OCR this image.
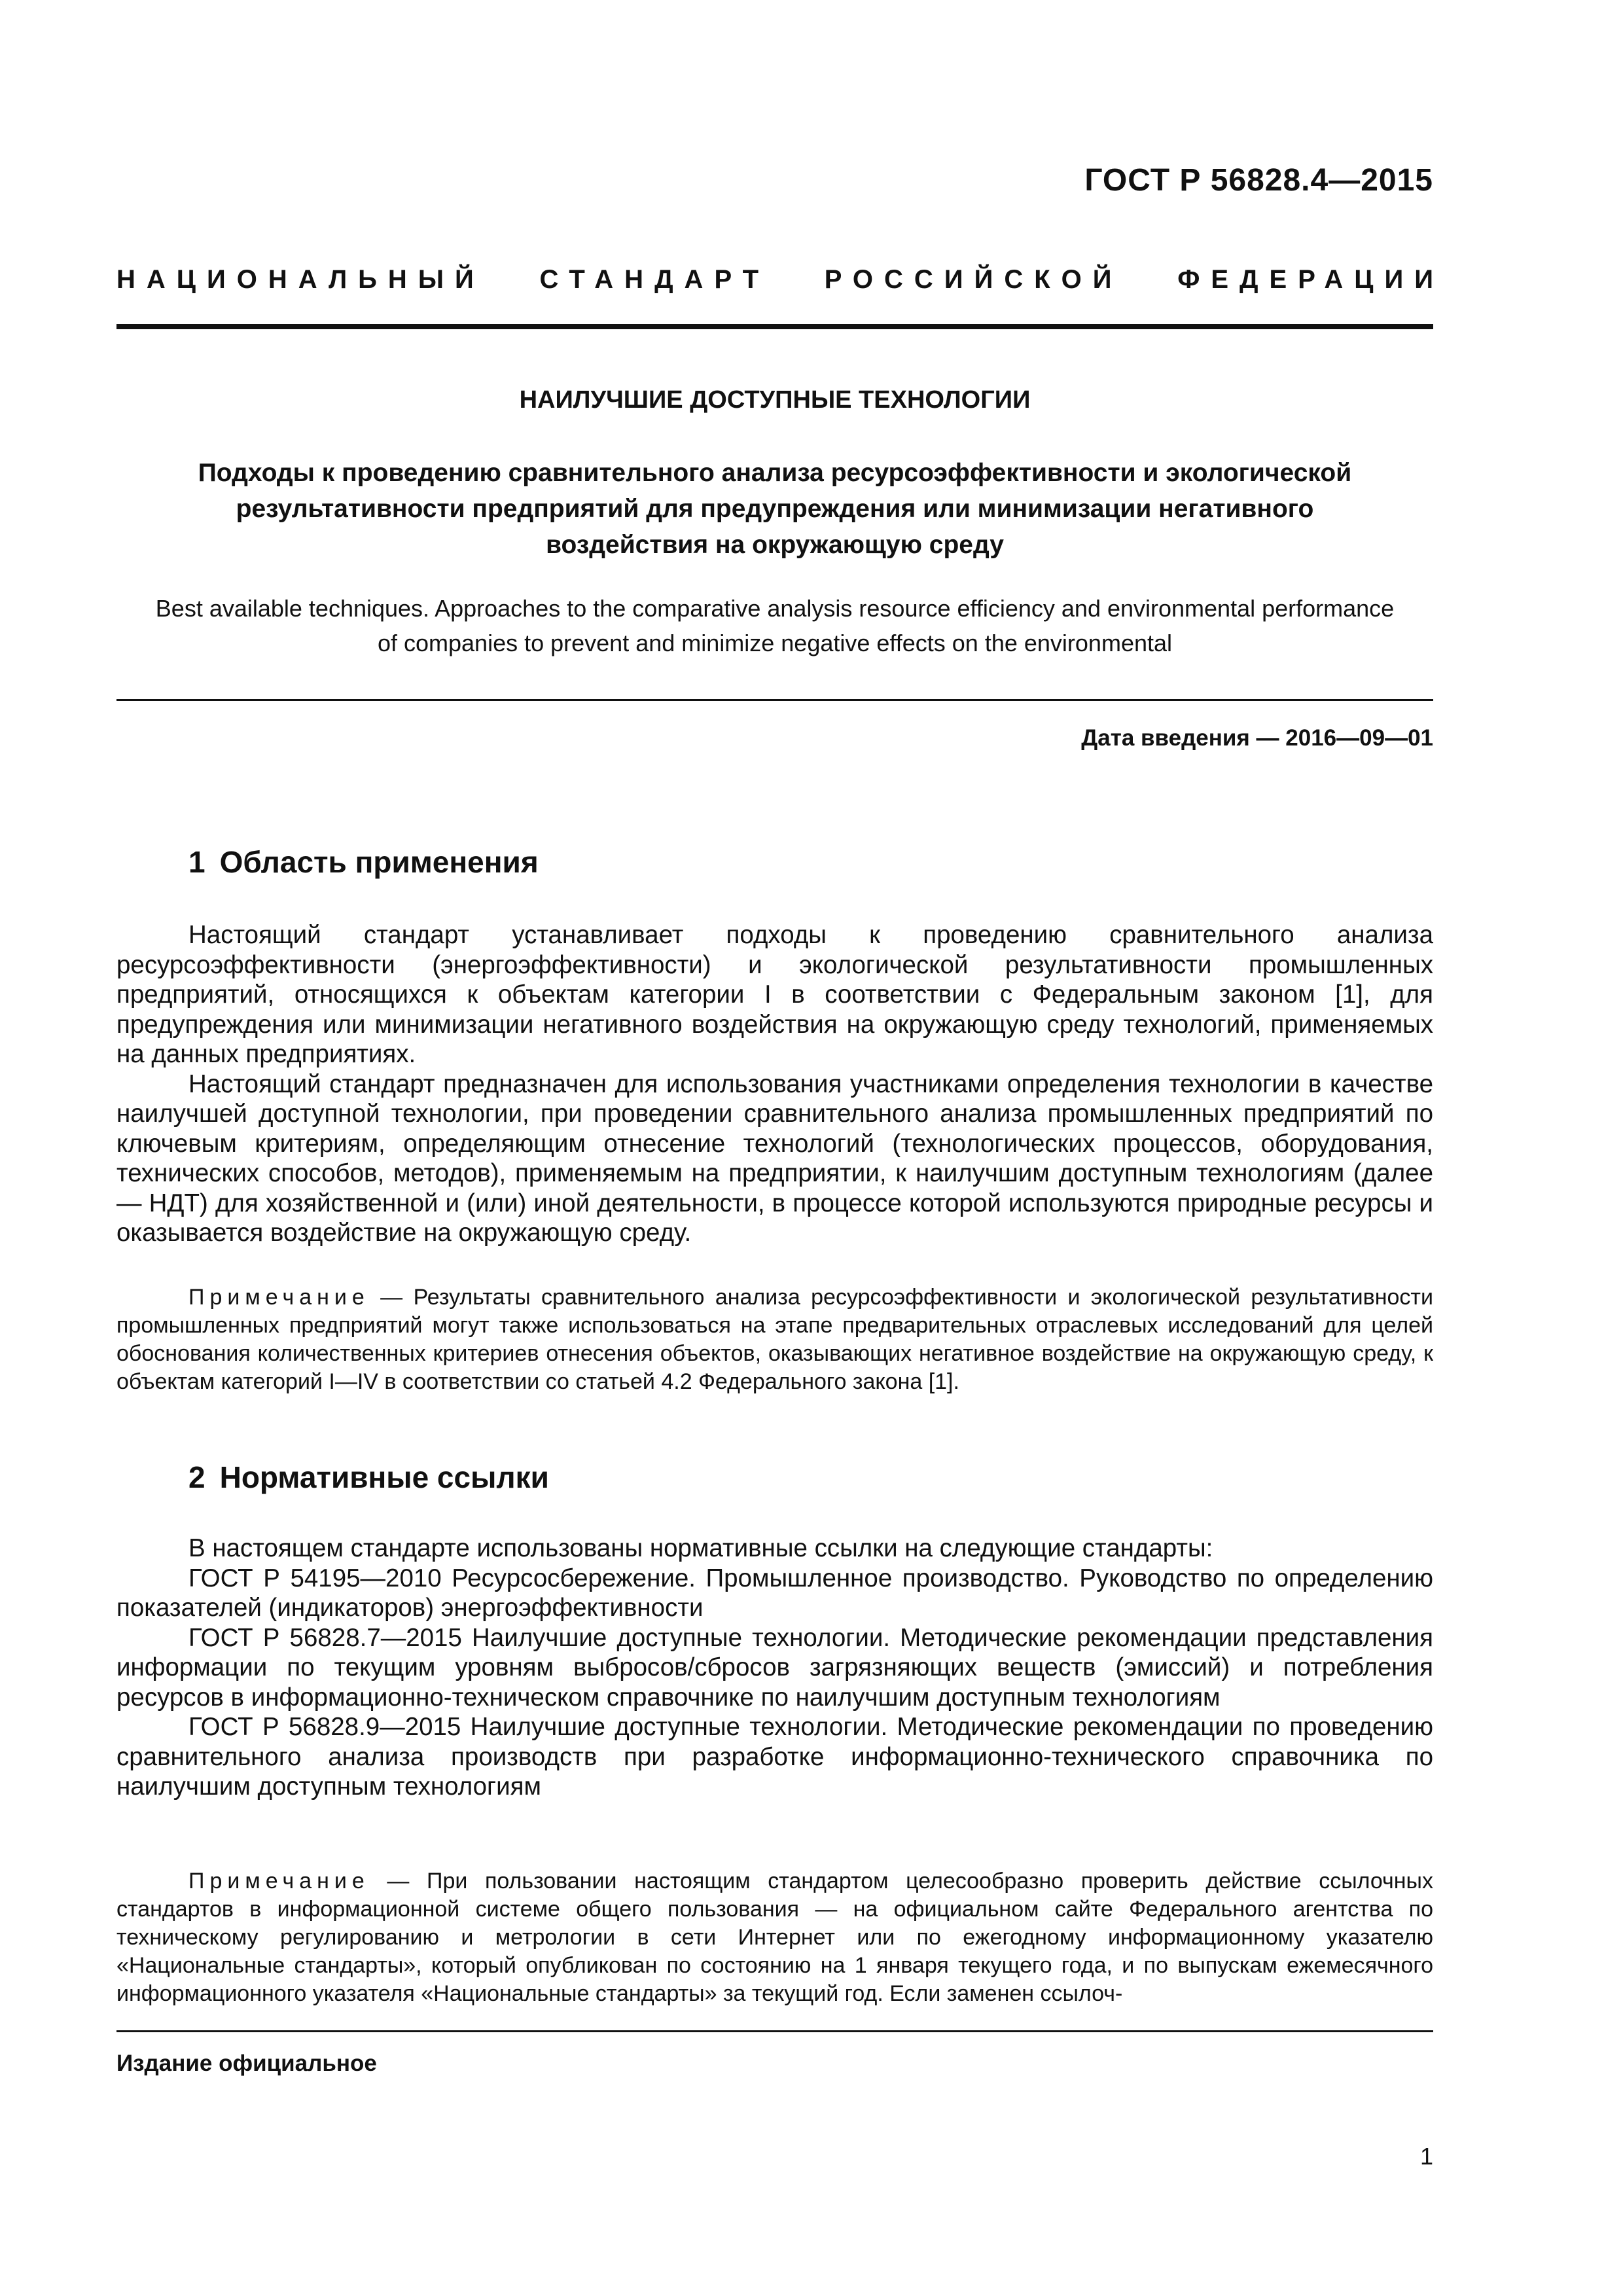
ГОСТ Р 56828.4—2015
НАЦИОНАЛЬНЫЙ СТАНДАРТ РОССИЙСКОЙ ФЕДЕРАЦИИ
НАИЛУЧШИЕ ДОСТУПНЫЕ ТЕХНОЛОГИИ
Подходы к проведению сравнительного анализа ресурсоэффективности и экологической
результативности предприятий для предупреждения или минимизации негативного
воздействия на окружающую среду
Best available techniques. Approaches to the comparative analysis resource efficiency and environmental performance
of companies to prevent and minimize negative effects on the environmental
Дата введения — 2016—09—01
1 Область применения

Настоящий стандарт устанавливает подходы к проведению сравнительного анализа ресурсоэффективности (энергоэффективности) и экологической результативности промышленных предприятий, относящихся к объектам категории I в соответствии с Федеральным законом [1], для предупреждения или минимизации негативного воздействия на окружающую среду технологий, применяемых на данных предприятиях.

Настоящий стандарт предназначен для использования участниками определения технологии в качестве наилучшей доступной технологии, при проведении сравнительного анализа промышленных предприятий по ключевым критериям, определяющим отнесение технологий (технологических процессов, оборудования, технических способов, методов), применяемым на предприятии, к наилучшим доступным технологиям (далее — НДТ) для хозяйственной и (или) иной деятельности, в процессе которой используются природные ресурсы и оказывается воздействие на окружающую среду.

Примечание — Результаты сравнительного анализа ресурсоэффективности и экологической результативности промышленных предприятий могут также использоваться на этапе предварительных отраслевых исследований для целей обоснования количественных критериев отнесения объектов, оказывающих негативное воздействие на окружающую среду, к объектам категорий I—IV в соответствии со статьей 4.2 Федерального закона [1].

2 Нормативные ссылки

В настоящем стандарте использованы нормативные ссылки на следующие стандарты:

ГОСТ Р 54195—2010 Ресурсосбережение. Промышленное производство. Руководство по определению показателей (индикаторов) энергоэффективности

ГОСТ Р 56828.7—2015 Наилучшие доступные технологии. Методические рекомендации представления информации по текущим уровням выбросов/сбросов загрязняющих веществ (эмиссий) и потребления ресурсов в информационно-техническом справочнике по наилучшим доступным технологиям

ГОСТ Р 56828.9—2015 Наилучшие доступные технологии. Методические рекомендации по проведению сравнительного анализа производств при разработке информационно-технического справочника по наилучшим доступным технологиям

Примечание — При пользовании настоящим стандартом целесообразно проверить действие ссылочных стандартов в информационной системе общего пользования — на официальном сайте Федерального агентства по техническому регулированию и метрологии в сети Интернет или по ежегодному информационному указателю «Национальные стандарты», который опубликован по состоянию на 1 января текущего года, и по выпускам ежемесячного информационного указателя «Национальные стандарты» за текущий год. Если заменен ссылоч-

Издание официальное
1
